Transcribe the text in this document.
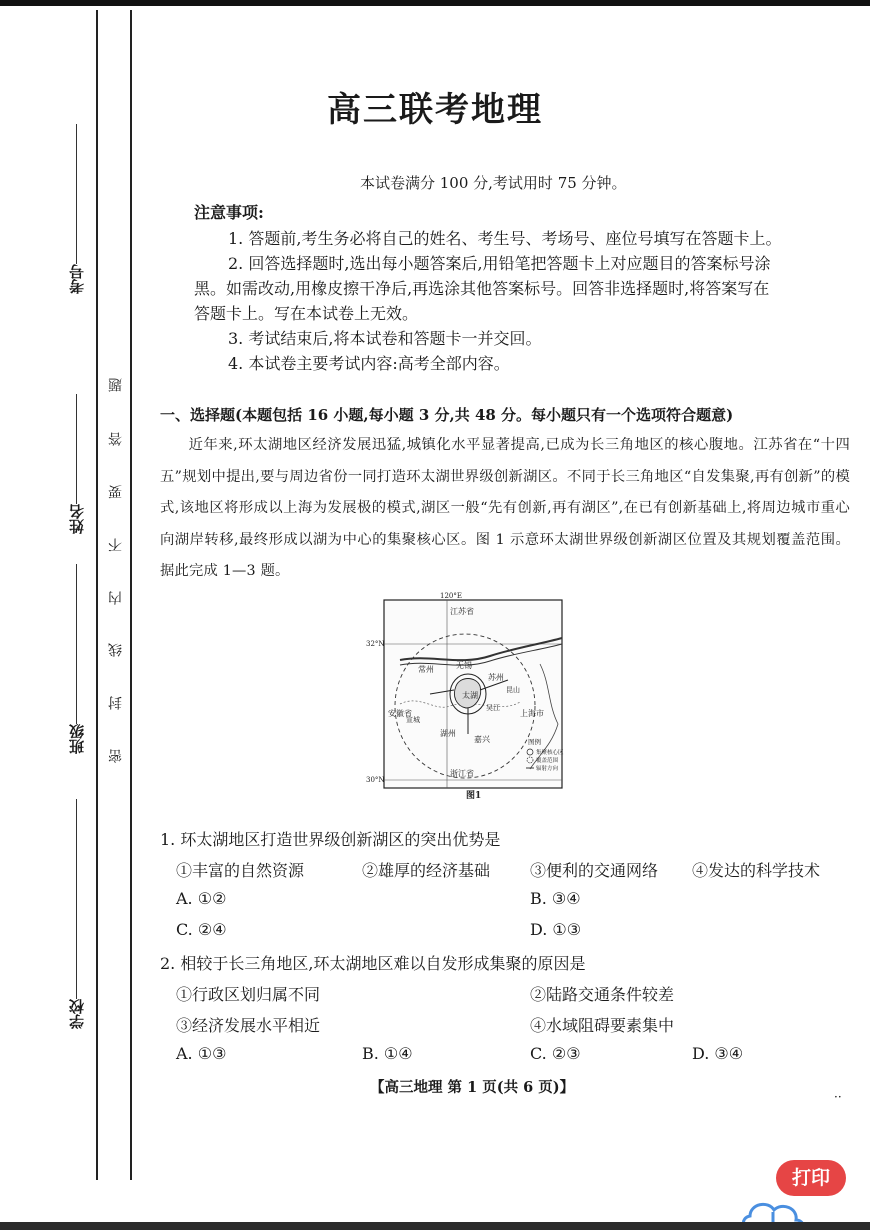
考号
姓名
班级
学校
题
答
要
不
内
线
封
密
高三联考地理
本试卷满分 100 分,考试用时 75 分钟。
注意事项:
1. 答题前,考生务必将自己的姓名、考生号、考场号、座位号填写在答题卡上。
2. 回答选择题时,选出每小题答案后,用铅笔把答题卡上对应题目的答案标号涂
黑。如需改动,用橡皮擦干净后,再选涂其他答案标号。回答非选择题时,将答案写在
答题卡上。写在本试卷上无效。
3. 考试结束后,将本试卷和答题卡一并交回。
4. 本试卷主要考试内容:高考全部内容。
一、选择题(本题包括 16 小题,每小题 3 分,共 48 分。每小题只有一个选项符合题意)
近年来,环太湖地区经济发展迅猛,城镇化水平显著提高,已成为长三角地区的核心腹地。江苏省在“十四五”规划中提出,要与周边省份一同打造环太湖世界级创新湖区。不同于长三角地区“自发集聚,再有创新”的模式,该地区将形成以上海为发展极的模式,湖区一般“先有创新,再有湖区”,在已有创新基础上,将周边城市重心向湖岸转移,最终形成以湖为中心的集聚核心区。图 1 示意环太湖世界级创新湖区位置及其规划覆盖范围。据此完成 1—3 题。
120°E
32°N
30°N
江苏省
常州	无锡
苏州
昆山
太湖
吴江
上海市
安徽省
宣城
湖州
嘉兴
浙江省
图例
集聚核心区
覆盖范围
辐射方向
图1
1. 环太湖地区打造世界级创新湖区的突出优势是
①丰富的自然资源	②雄厚的经济基础 ③便利的交通网络 ④发达的科学技术
A. ①②	B. ③④
C. ②④	D. ①③
2. 相较于长三角地区,环太湖地区难以自发形成集聚的原因是
①行政区划归属不同	②陆路交通条件较差
③经济发展水平相近	④水域阻碍要素集中
A. ①③	B. ①④	C. ②③	D. ③④
【高三地理 第 1 页(共 6 页)】
··
打印
